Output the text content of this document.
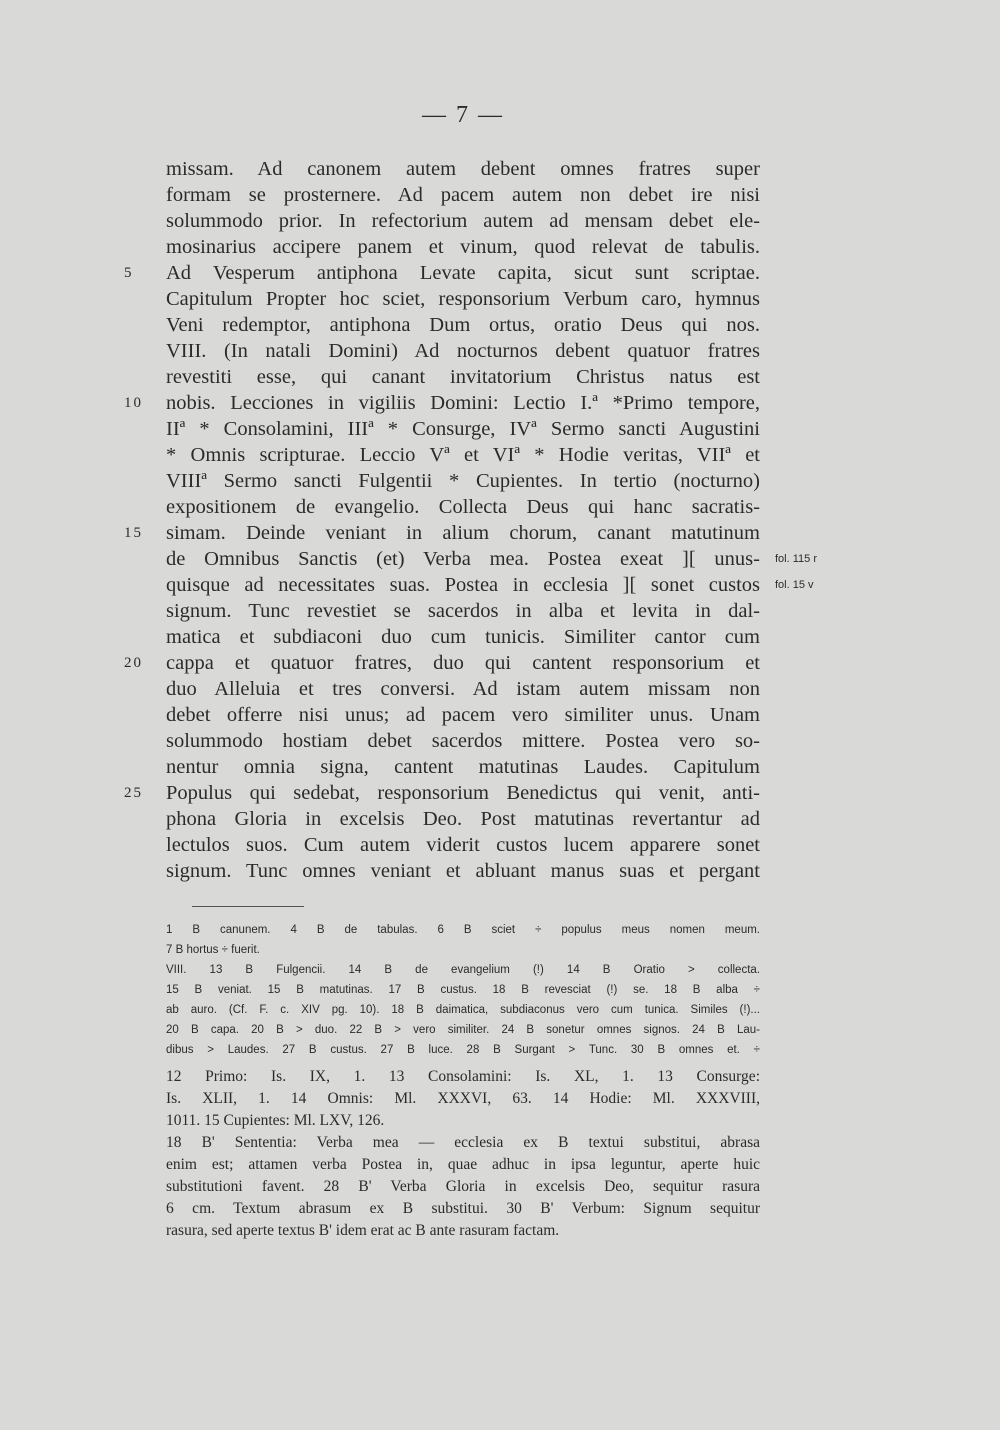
— 7 —
missam. Ad canonem autem debent omnes fratres super
formam se prosternere. Ad pacem autem non debet ire nisi
solummodo prior. In refectorium autem ad mensam debet ele-
mosinarius accipere panem et vinum, quod relevat de tabulis.
Ad Vesperum antiphona Levate capita, sicut sunt scriptae.
Capitulum Propter hoc sciet, responsorium Verbum caro, hymnus
Veni redemptor, antiphona Dum ortus, oratio Deus qui nos.
VIII. (In natali Domini) Ad nocturnos debent quatuor fratres
revestiti esse, qui canant invitatorium Christus natus est
nobis. Lecciones in vigiliis Domini: Lectio I.ª *Primo tempore,
IIª * Consolamini, IIIª * Consurge, IVª Sermo sancti Augustini
* Omnis scripturae. Leccio Vª et VIª * Hodie veritas, VIIª et
VIIIª Sermo sancti Fulgentii * Cupientes. In tertio (nocturno)
expositionem de evangelio. Collecta Deus qui hanc sacratis-
simam. Deinde veniant in alium chorum, canant matutinum
de Omnibus Sanctis (et) Verba mea. Postea exeat ][ unus-
quisque ad necessitates suas. Postea in ecclesia ][ sonet custos
signum. Tunc revestiet se sacerdos in alba et levita in dal-
matica et subdiaconi duo cum tunicis. Similiter cantor cum
cappa et quatuor fratres, duo qui cantent responsorium et
duo Alleluia et tres conversi. Ad istam autem missam non
debet offerre nisi unus; ad pacem vero similiter unus. Unam
solummodo hostiam debet sacerdos mittere. Postea vero so-
nentur omnia signa, cantent matutinas Laudes. Capitulum
Populus qui sedebat, responsorium Benedictus qui venit, anti-
phona Gloria in excelsis Deo. Post matutinas revertantur ad
lectulos suos. Cum autem viderit custos lucem apparere sonet
signum. Tunc omnes veniant et abluant manus suas et pergant
5
10
15
20
25
fol. 115 r
fol. 15 v
1 B canunem. 4 B de tabulas. 6 B sciet ÷ populus meus nomen meum.
7 B hortus ÷ fuerit.
VIII. 13 B Fulgencii. 14 B de evangelium (!) 14 B Oratio > collecta.
15 B veniat. 15 B matutinas. 17 B custus. 18 B revesciat (!) se. 18 B alba ÷
ab auro. (Cf. F. c. XIV pg. 10). 18 B daimatica, subdiaconus vero cum tunica. Similes (!)...
20 B capa. 20 B > duo. 22 B > vero similiter. 24 B sonetur omnes signos. 24 B Lau-
dibus > Laudes. 27 B custus. 27 B luce. 28 B Surgant > Tunc. 30 B omnes et. ÷
12 Primo: Is. IX, 1. 13 Consolamini: Is. XL, 1. 13 Consurge:
Is. XLII, 1. 14 Omnis: Ml. XXXVI, 63. 14 Hodie: Ml. XXXVIII,
1011. 15 Cupientes: Ml. LXV, 126.
18 B' Sententia: Verba mea — ecclesia ex B textui substitui, abrasa
enim est; attamen verba Postea in, quae adhuc in ipsa leguntur, aperte huic
substitutioni favent. 28 B' Verba Gloria in excelsis Deo, sequitur rasura
6 cm. Textum abrasum ex B substitui. 30 B' Verbum: Signum sequitur
rasura, sed aperte textus B' idem erat ac B ante rasuram factam.
